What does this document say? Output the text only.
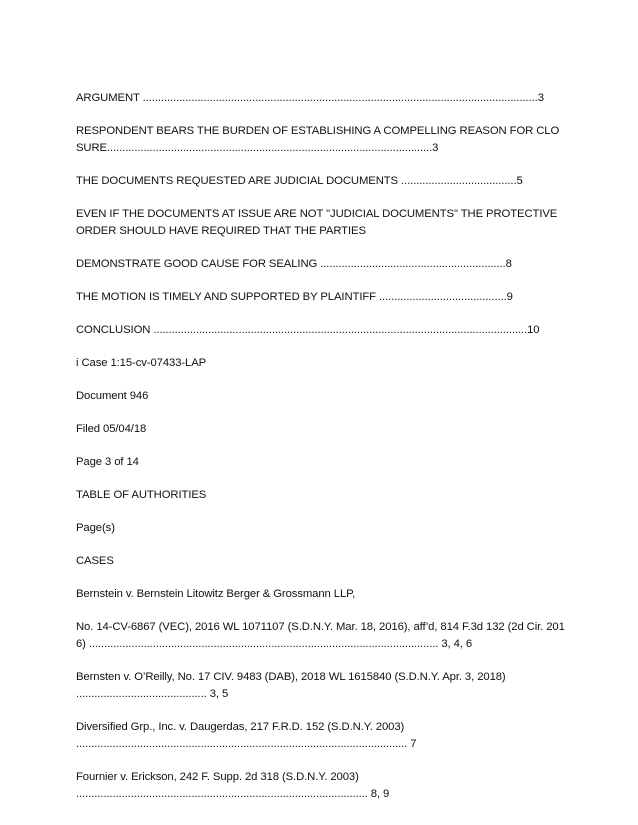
ARGUMENT ..................................................................................................................................3

RESPONDENT BEARS THE BURDEN OF ESTABLISHING A COMPELLING REASON FOR CLOSURE...........................................................................................................3

THE DOCUMENTS REQUESTED ARE JUDICIAL DOCUMENTS ......................................5

EVEN IF THE DOCUMENTS AT ISSUE ARE NOT "JUDICIAL DOCUMENTS" THE PROTECTIVE ORDER SHOULD HAVE REQUIRED THAT THE PARTIES

DEMONSTRATE GOOD CAUSE FOR SEALING .............................................................8

THE MOTION IS TIMELY AND SUPPORTED BY PLAINTIFF ..........................................9

CONCLUSION ...........................................................................................................................10

i Case 1:15-cv-07433-LAP

Document 946

Filed 05/04/18

Page 3 of 14

TABLE OF AUTHORITIES

Page(s)

CASES

Bernstein v. Bernstein Litowitz Berger & Grossmann LLP,

No. 14-CV-6867 (VEC), 2016 WL 1071107 (S.D.N.Y. Mar. 18, 2016), aff’d, 814 F.3d 132 (2d Cir. 2016) ................................................................................................................... 3, 4, 6

Bernsten v. O’Reilly, No. 17 CIV. 9483 (DAB), 2018 WL 1615840 (S.D.N.Y. Apr. 3, 2018) ........................................... 3, 5

Diversified Grp., Inc. v. Daugerdas, 217 F.R.D. 152 (S.D.N.Y. 2003) ............................................................................................................. 7

Fournier v. Erickson, 242 F. Supp. 2d 318 (S.D.N.Y. 2003) ................................................................................................ 8, 9
